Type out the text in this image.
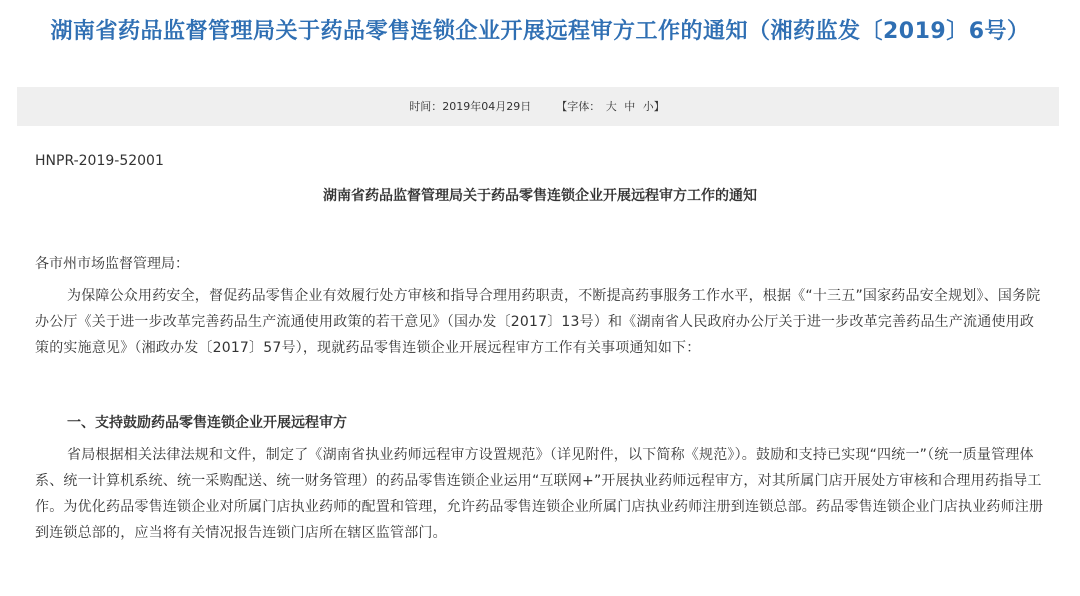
湖南省药品监督管理局关于药品零售连锁企业开展远程审方工作的通知（湘药监发〔2019〕6号）
时间：2019年04月29日 【字体： 大 中 小】
HNPR-2019-52001
湖南省药品监督管理局关于药品零售连锁企业开展远程审方工作的通知
各市州市场监督管理局：
为保障公众用药安全，督促药品零售企业有效履行处方审核和指导合理用药职责，不断提高药事服务工作水平，根据《“十三五”国家药品安全规划》、国务院办公厅《关于进一步改革完善药品生产流通使用政策的若干意见》（国办发〔2017〕13号）和《湖南省人民政府办公厅关于进一步改革完善药品生产流通使用政策的实施意见》（湘政办发〔2017〕57号），现就药品零售连锁企业开展远程审方工作有关事项通知如下：
一、支持鼓励药品零售连锁企业开展远程审方
省局根据相关法律法规和文件，制定了《湖南省执业药师远程审方设置规范》（详见附件，以下简称《规范》）。鼓励和支持已实现“四统一”（统一质量管理体系、统一计算机系统、统一采购配送、统一财务管理）的药品零售连锁企业运用“互联网+”开展执业药师远程审方，对其所属门店开展处方审核和合理用药指导工作。为优化药品零售连锁企业对所属门店执业药师的配置和管理，允许药品零售连锁企业所属门店执业药师注册到连锁总部。药品零售连锁企业门店执业药师注册到连锁总部的，应当将有关情况报告连锁门店所在辖区监管部门。
